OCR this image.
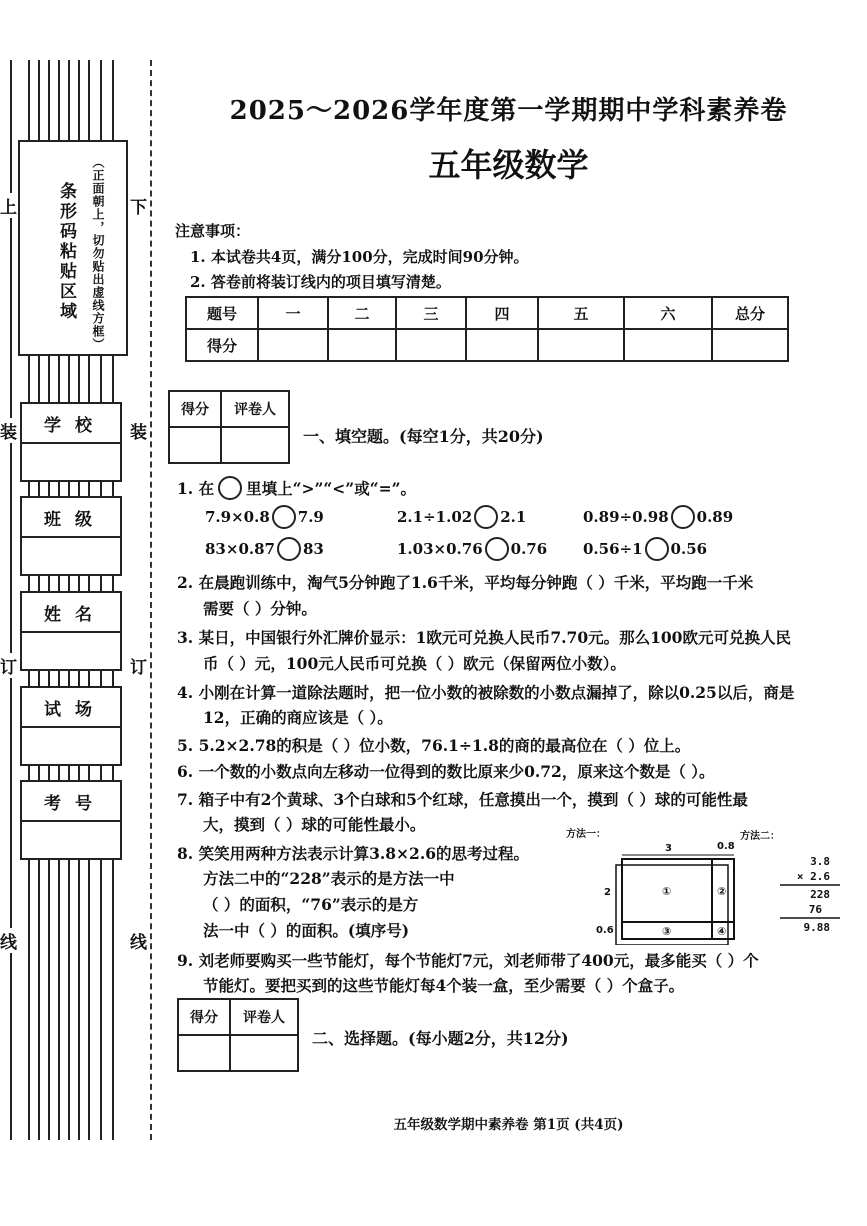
条形码粘贴区域 （正面朝上，切勿贴出虚线方框）
上
装
订
线
下
装
订
线
学校
班级
姓名
试场
考号
2025～2026学年度第一学期期中学科素养卷
五年级数学
注意事项：
1. 本试卷共4页，满分100分，完成时间90分钟。
2. 答卷前将装订线内的项目填写清楚。
题号	一	二	三	四	五	六	总分
得分							
得分	评卷人

一、填空题。(每空1分，共20分)
1. 在 里填上“>”“<”或“=”。
7.9×0.8 7.9	2.1÷1.02 2.1	0.89÷0.98 0.89
83×0.87 83	1.03×0.76 0.76 0.56÷1 0.56
2. 在晨跑训练中，淘气5分钟跑了1.6千米，平均每分钟跑（ ）千米，平均跑一千米
需要（ ）分钟。
3. 某日，中国银行外汇牌价显示：1欧元可兑换人民币7.70元。那么100欧元可兑换人民
币（ ）元，100元人民币可兑换（ ）欧元（保留两位小数）。
4. 小刚在计算一道除法题时，把一位小数的被除数的小数点漏掉了，除以0.25以后，商是
12，正确的商应该是（ ）。
5. 5.2×2.78的积是（ ）位小数，76.1÷1.8的商的最高位在（ ）位上。
6. 一个数的小数点向左移动一位得到的数比原来少0.72，原来这个数是（ ）。
7. 箱子中有2个黄球、3个白球和5个红球，任意摸出一个，摸到（ ）球的可能性最
大，摸到（ ）球的可能性最小。
8. 笑笑用两种方法表示计算3.8×2.6的思考过程。
方法二中的“228”表示的是方法一中
（ ）的面积，“76”表示的是方
法一中（ ）的面积。(填序号)
方法一：	方法二：
3	0.8
2
0.6
①	②
③	④
3.8
× 2.6
228
76
9.88
9. 刘老师要购买一些节能灯，每个节能灯7元，刘老师带了400元，最多能买（ ）个
节能灯。要把买到的这些节能灯每4个装一盒，至少需要（ ）个盒子。
得分	评卷人

二、选择题。(每小题2分，共12分)
五年级数学期中素养卷 第1页 (共4页)
